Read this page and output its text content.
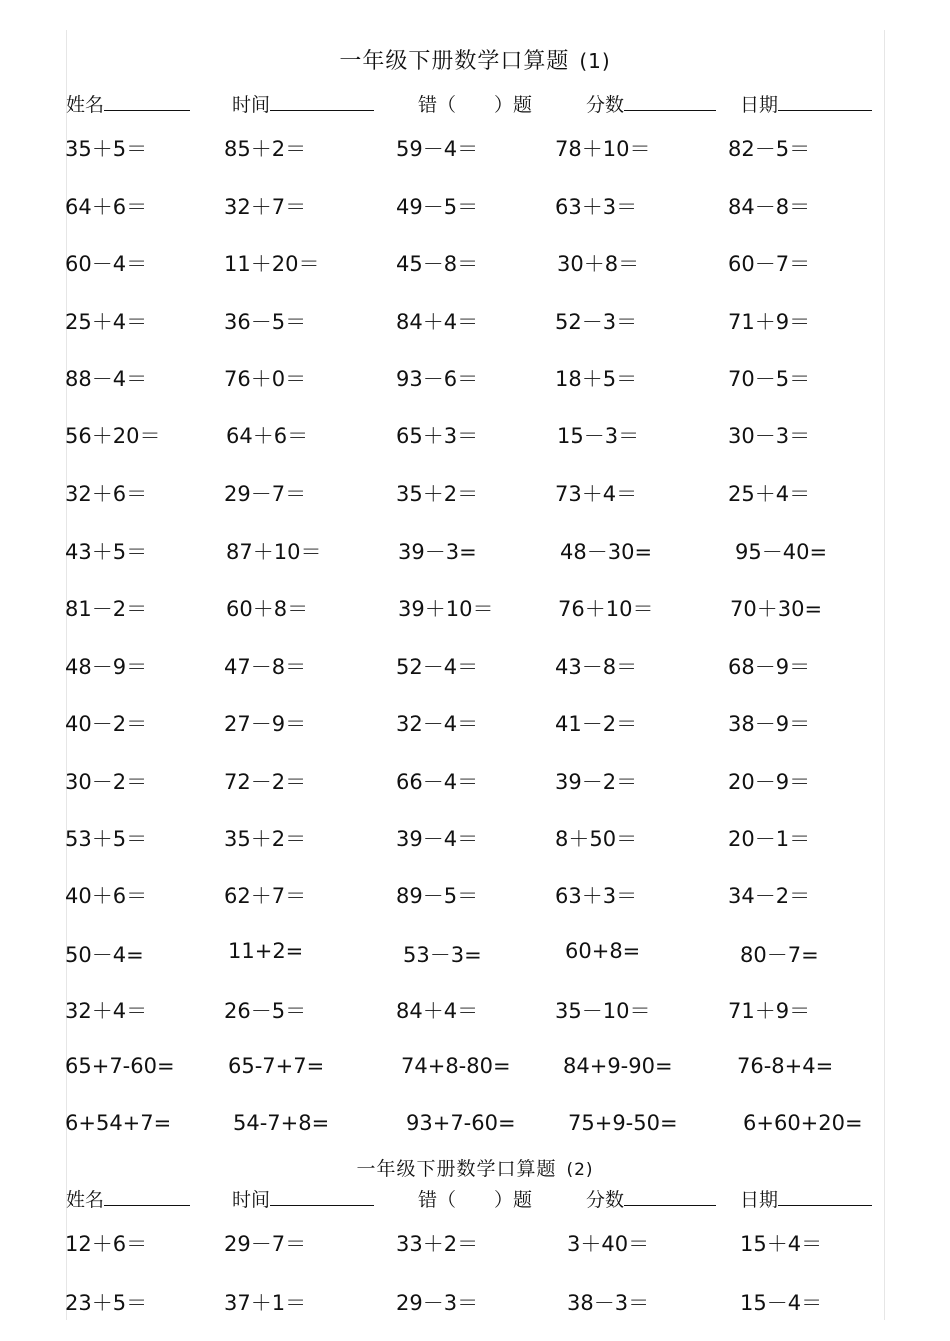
一年级下册数学口算题 (1)
姓名	时间	错（　　）题	分数	日期
35＋5＝	85＋2＝	59－4＝	78＋10＝	82－5＝
64＋6＝	32＋7＝	49－5＝	63＋3＝	84－8＝
60－4＝	11＋20＝	45－8＝	30＋8＝	60－7＝
25＋4＝	36－5＝	84＋4＝	52－3＝	71＋9＝
88－4＝	76＋0＝	93－6＝	18＋5＝	70－5＝
56＋20＝	64＋6＝	65＋3＝	15－3＝	30－3＝
32＋6＝	29－7＝	35＋2＝	73＋4＝	25＋4＝
43＋5＝	87＋10＝	39－3=	48－30=	95－40=
81－2＝	60＋8＝	39＋10＝	76＋10＝	70＋30=
48－9＝	47－8＝	52－4＝	43－8＝	68－9＝
40－2＝	27－9＝	32－4＝	41－2＝	38－9＝
30－2＝	72－2＝	66－4＝	39－2＝	20－9＝
53＋5＝	35＋2＝	39－4＝	8＋50＝	20－1＝
40＋6＝	62＋7＝	89－5＝	63＋3＝	34－2＝
50－4=	11+2=	53－3=	60+8=	80－7=
32＋4＝	26－5＝	84＋4＝	35－10＝	71＋9＝
65+7-60=	65-7+7=	74+8-80= 84+9-90=	76-8+4=
6+54+7=	54-7+8=	93+7-60= 75+9-50=	6+60+20=
一年级下册数学口算题 (2)
姓名	时间	错（　　）题	分数	日期
12＋6＝	29－7＝	33＋2＝	3＋40＝	15＋4＝
23＋5＝	37＋1＝	29－3＝	38－3＝	15－4＝
